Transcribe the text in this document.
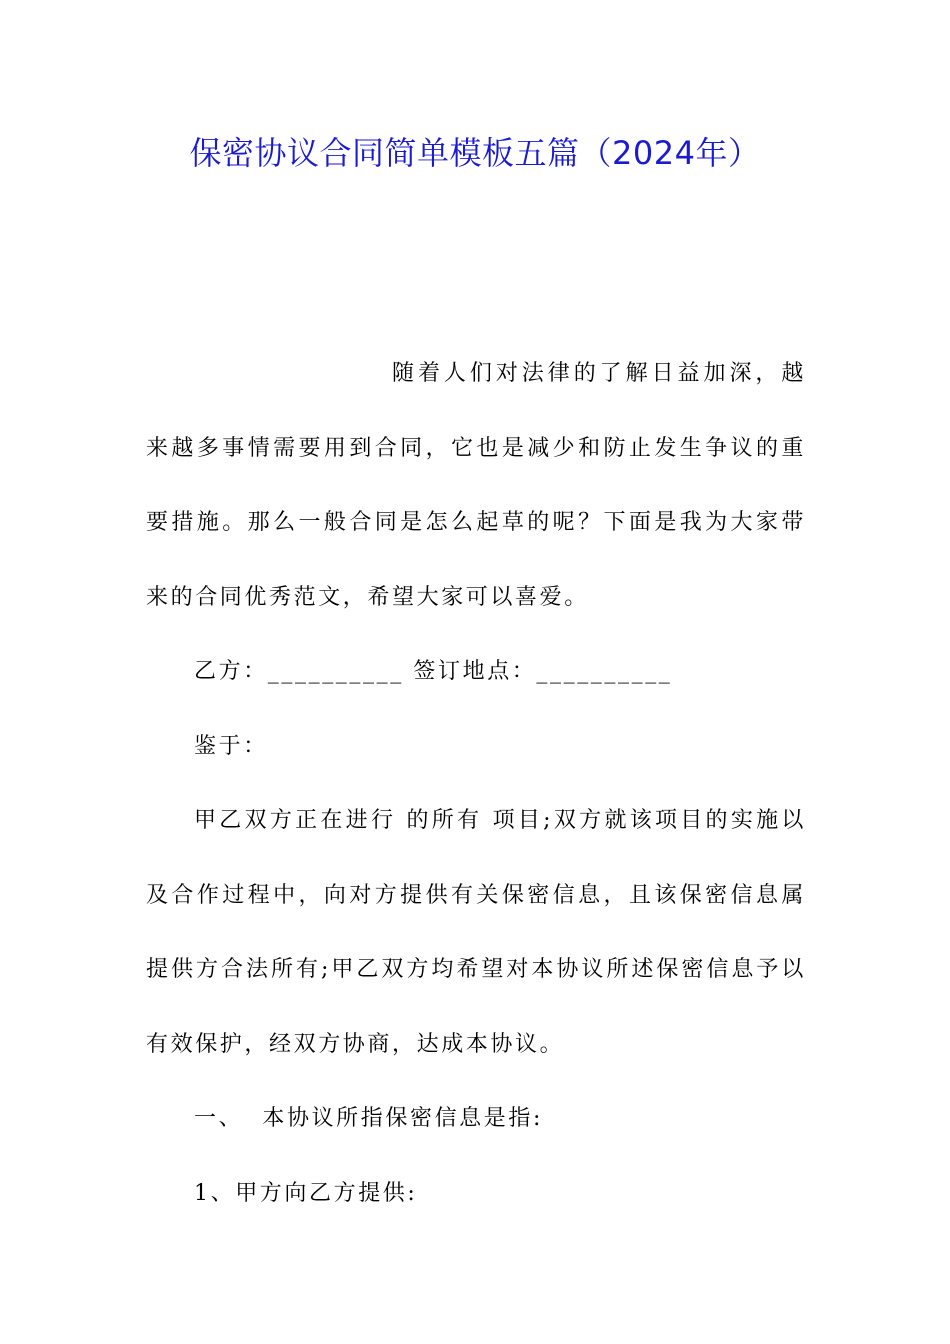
保密协议合同简单模板五篇（2024年）

随着人们对法律的了解日益加深，越来越多事情需要用到合同，它也是减少和防止发生争议的重要措施。那么一般合同是怎么起草的呢？下面是我为大家带来的合同优秀范文，希望大家可以喜爱。

乙方：__________ 签订地点：__________

鉴于：

甲乙双方正在进行 的所有 项目;双方就该项目的实施以及合作过程中，向对方提供有关保密信息，且该保密信息属提供方合法所有;甲乙双方均希望对本协议所述保密信息予以有效保护，经双方协商，达成本协议。

一、  本协议所指保密信息是指:

1、甲方向乙方提供:
